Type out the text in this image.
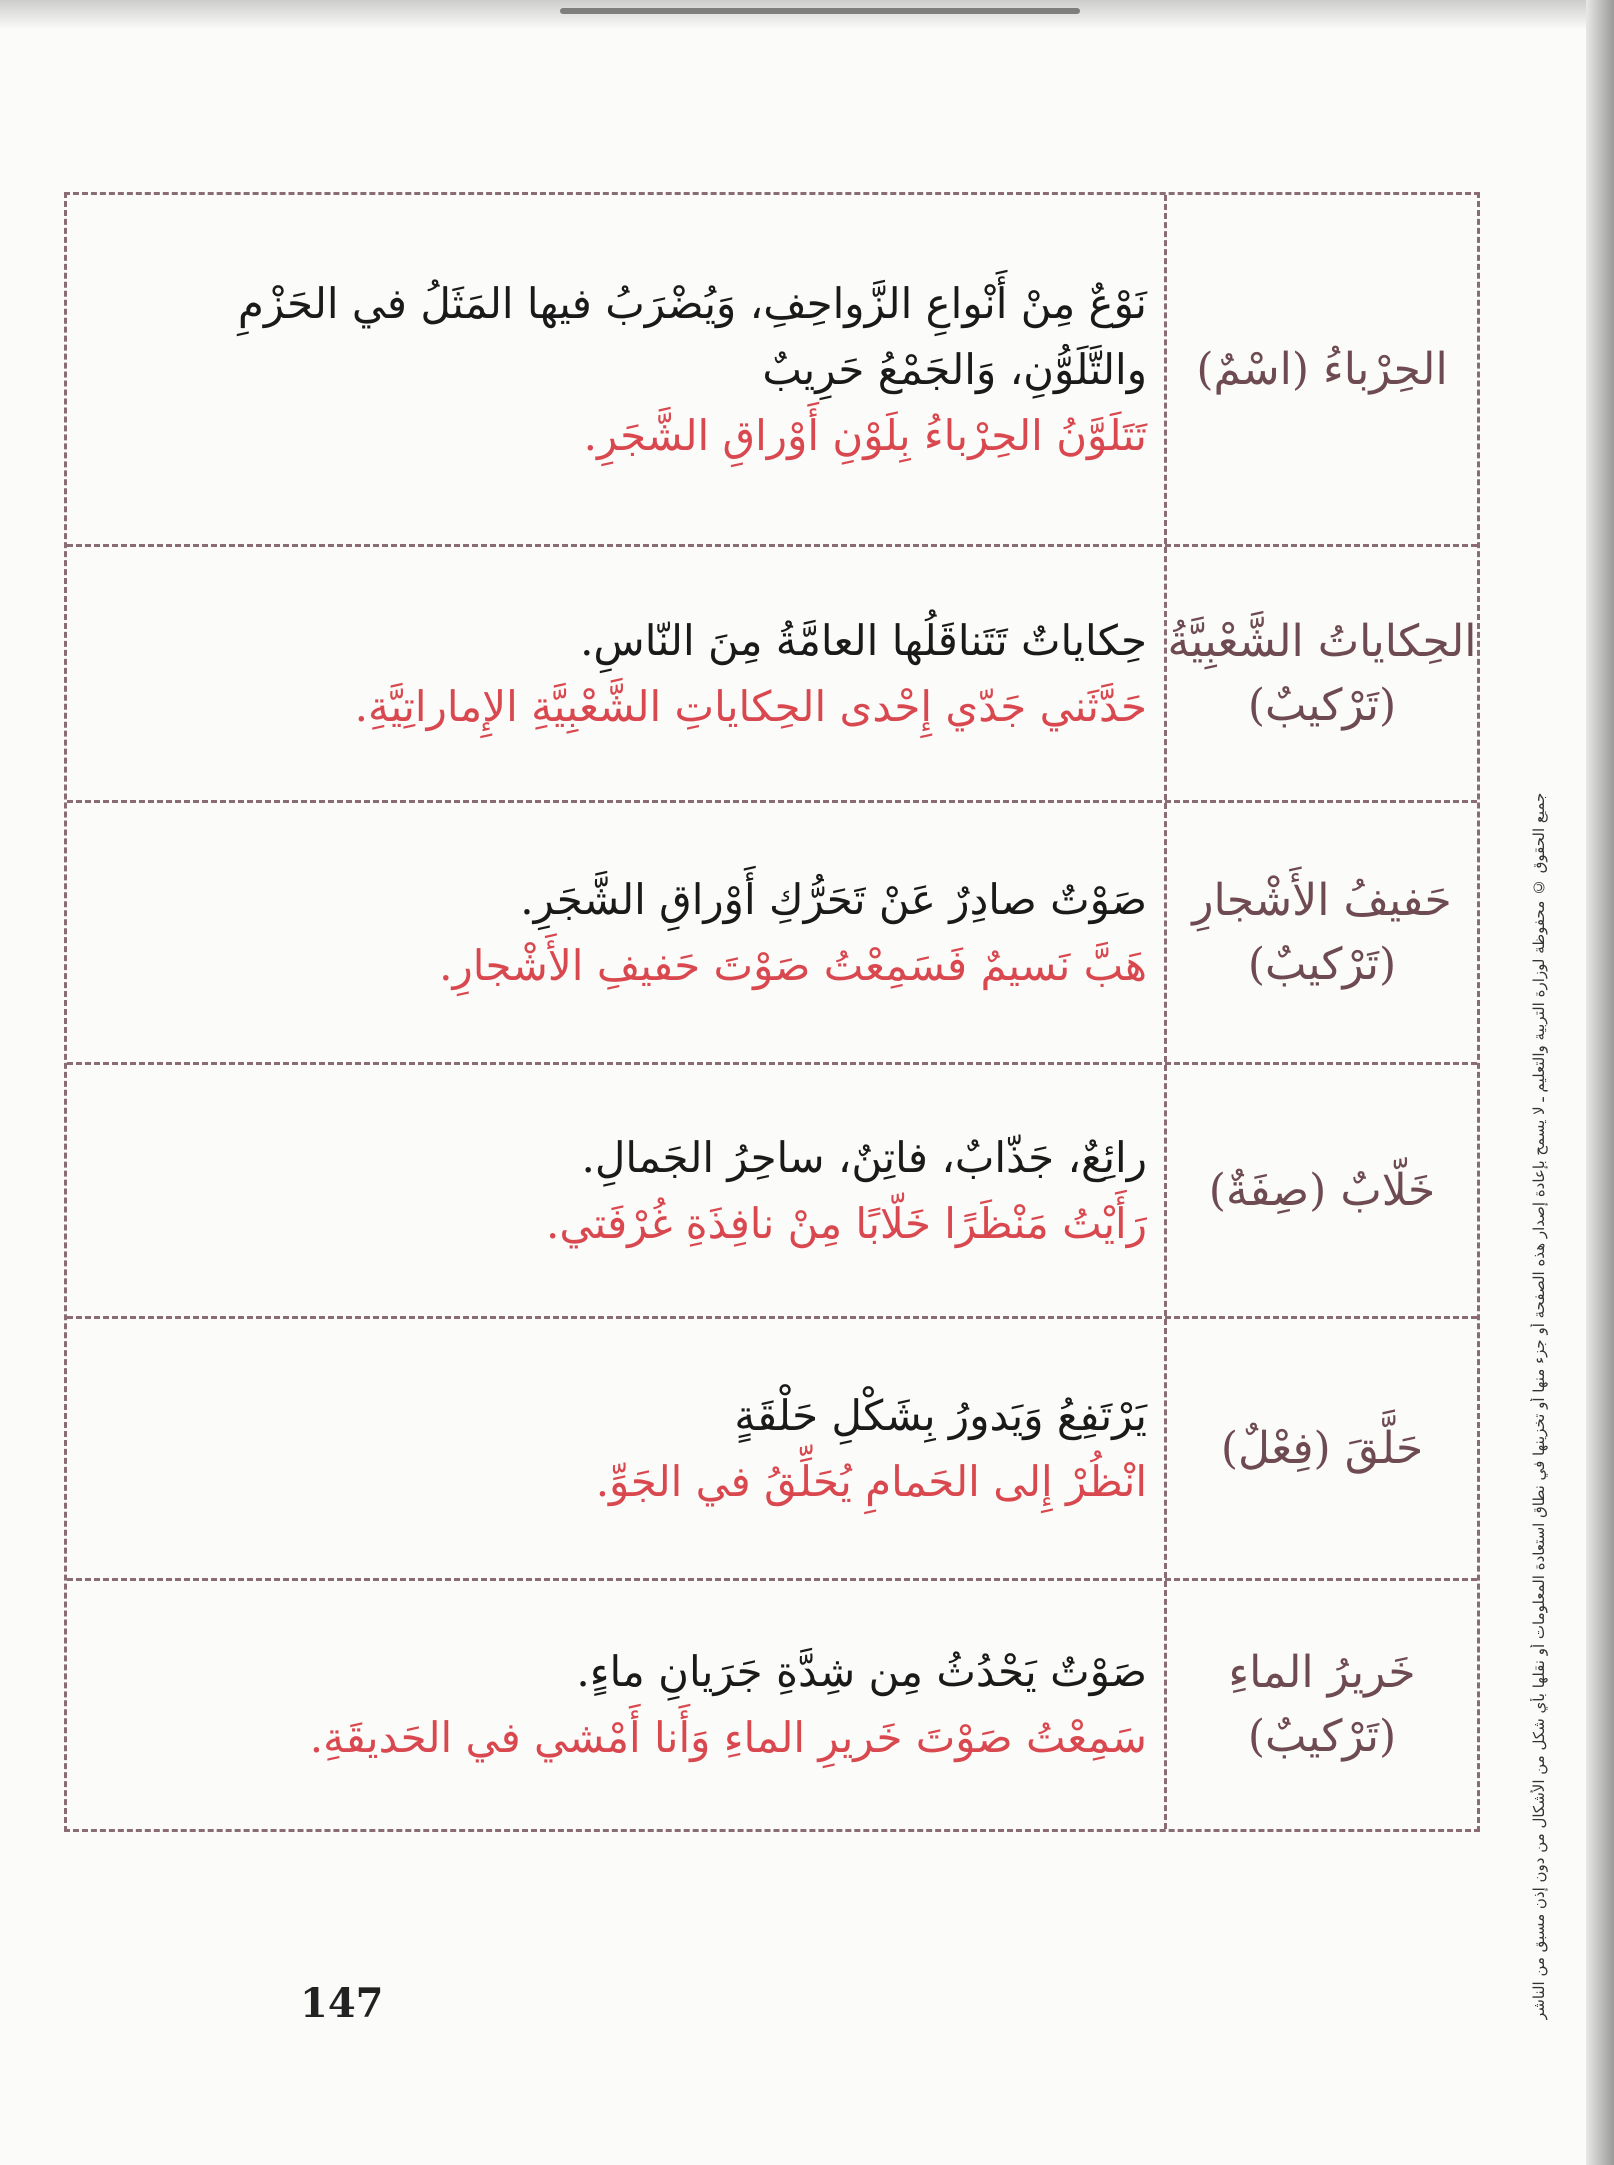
جميع الحقوق © محفوظة لوزارة التربية والتعليم ـ لا يسمح بإعادة إصدار هذه الصفحة أو جزء منها أو تخزينها في نطاق استعادة المعلومات أو نقلها بأي شكل من الأشكال من دون إذن مسبق من الناشر
الحِرْباءُ (اسْمٌ)
نَوْعٌ مِنْ أَنْواعِ الزَّواحِفِ، وَيُضْرَبُ فيها المَثَلُ في الحَزْمِ والتَّلَوُّنِ، وَالجَمْعُ حَرِيبٌ
تَتَلَوَّنُ الحِرْباءُ بِلَوْنِ أَوْراقِ الشَّجَرِ.
الحِكاياتُ الشَّعْبِيَّةُ
(تَرْكيبٌ)
حِكاياتٌ تَتَناقَلُها العامَّةُ مِنَ النّاسِ.
حَدَّثَني جَدّي إِحْدى الحِكاياتِ الشَّعْبِيَّةِ الإِماراتِيَّةِ.
حَفيفُ الأَشْجارِ
(تَرْكيبٌ)
صَوْتٌ صادِرٌ عَنْ تَحَرُّكِ أَوْراقِ الشَّجَرِ.
هَبَّ نَسيمٌ فَسَمِعْتُ صَوْتَ حَفيفِ الأَشْجارِ.
خَلّابٌ (صِفَةٌ)
رائِعٌ، جَذّابٌ، فاتِنٌ، ساحِرُ الجَمالِ.
رَأَيْتُ مَنْظَرًا خَلّابًا مِنْ نافِذَةِ غُرْفَتي.
حَلَّقَ (فِعْلٌ)
يَرْتَفِعُ وَيَدورُ بِشَكْلِ حَلْقَةٍ
انْظُرْ إِلى الحَمامِ يُحَلِّقُ في الجَوِّ.
خَريرُ الماءِ
(تَرْكيبٌ)
صَوْتٌ يَحْدُثُ مِن شِدَّةِ جَرَيانِ ماءٍ.
سَمِعْتُ صَوْتَ خَريرِ الماءِ وَأَنا أَمْشي في الحَديقَةِ.
147
